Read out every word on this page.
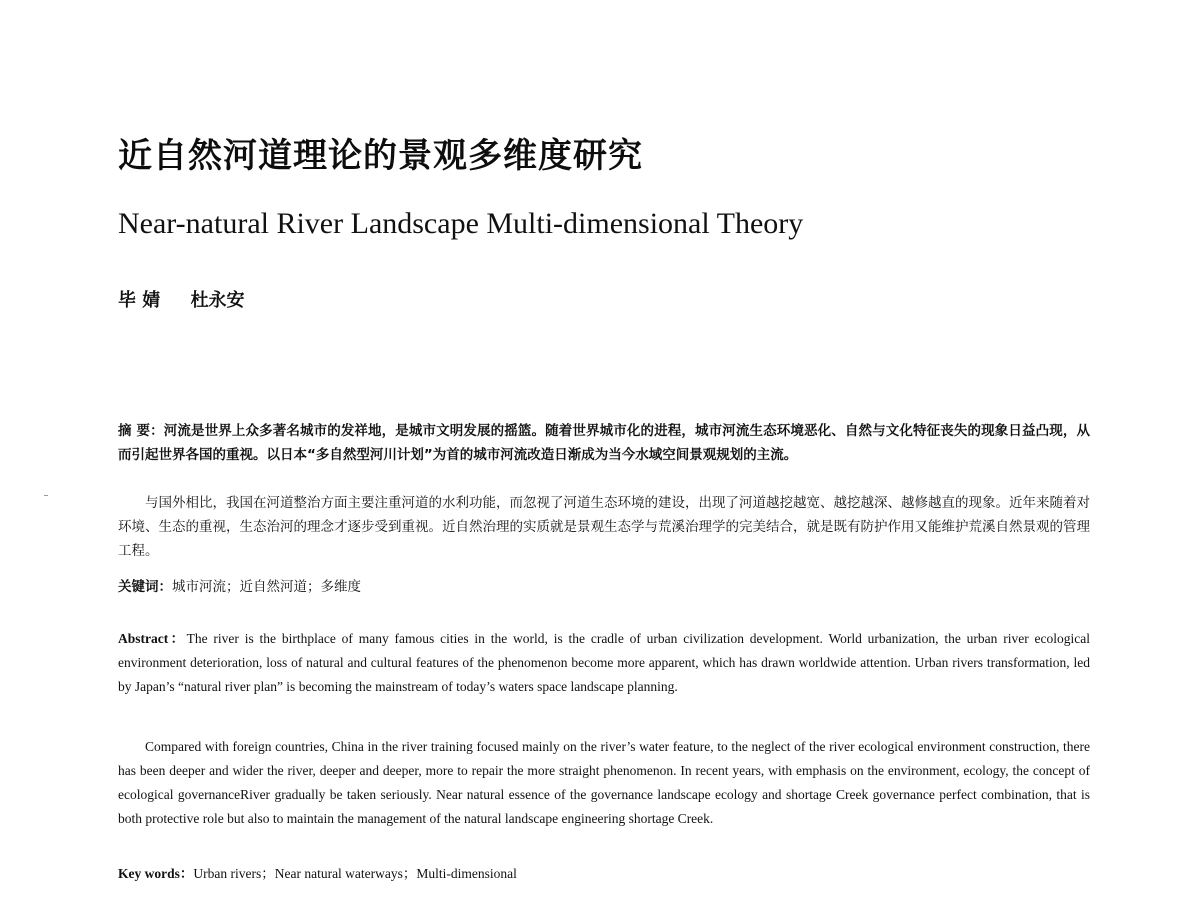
近自然河道理论的景观多维度研究
Near-natural River Landscape Multi-dimensional Theory
毕 婧 杜永安
摘 要：河流是世界上众多著名城市的发祥地，是城市文明发展的摇篮。随着世界城市化的进程，城市河流生态环境恶化、自然与文化特征丧失的现象日益凸现，从而引起世界各国的重视。以日本“多自然型河川计划”为首的城市河流改造日渐成为当今水域空间景观规划的主流。
与国外相比，我国在河道整治方面主要注重河道的水利功能，而忽视了河道生态环境的建设，出现了河道越挖越宽、越挖越深、越修越直的现象。近年来随着对环境、生态的重视，生态治河的理念才逐步受到重视。近自然治理的实质就是景观生态学与荒溪治理学的完美结合，就是既有防护作用又能维护荒溪自然景观的管理工程。
关键词：城市河流；近自然河道；多维度
Abstract：The river is the birthplace of many famous cities in the world, is the cradle of urban civilization development. World urbanization, the urban river ecological environment deterioration, loss of natural and cultural features of the phenomenon become more apparent, which has drawn worldwide attention. Urban rivers transformation, led by Japan’s “natural river plan” is becoming the mainstream of today’s waters space landscape planning.
Compared with foreign countries, China in the river training focused mainly on the river’s water feature, to the neglect of the river ecological environment construction, there has been deeper and wider the river, deeper and deeper, more to repair the more straight phenomenon. In recent years, with emphasis on the environment, ecology, the concept of ecological governanceRiver gradually be taken seriously. Near natural essence of the governance landscape ecology and shortage Creek governance perfect combination, that is both protective role but also to maintain the management of the natural landscape engineering shortage Creek.
Key words：Urban rivers；Near natural waterways；Multi-dimensional
